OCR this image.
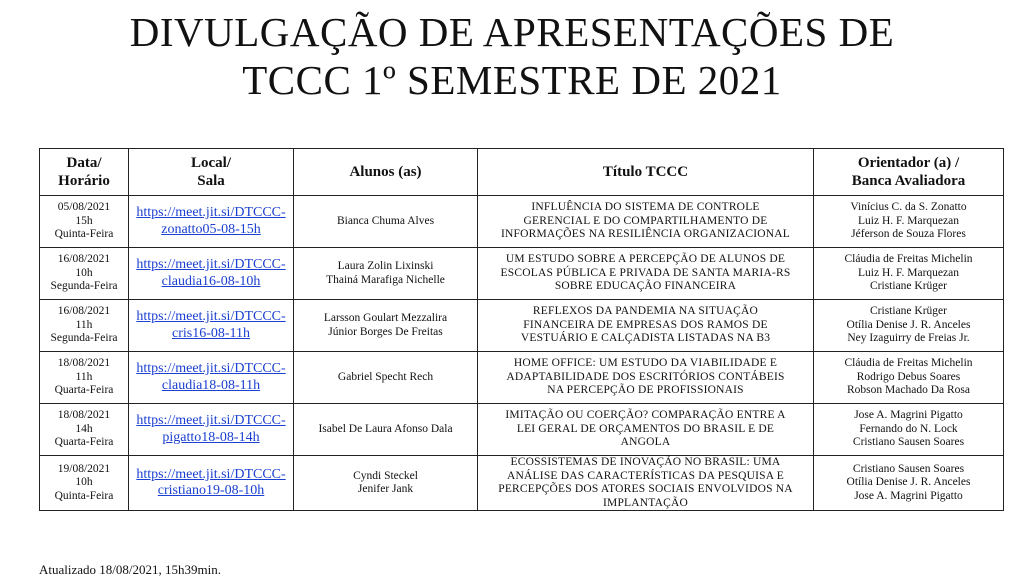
DIVULGAÇÃO DE APRESENTAÇÕES DE
TCCC 1º SEMESTRE DE 2021
Data/
Horário	Local/
Sala	Alunos (as)	Título TCCC	Orientador (a) /
Banca Avaliadora

05/08/2021
15h
Quinta-Feira	https://meet.jit.si/DTCCC-
zonatto05-08-15h	Bianca Chuma Alves	INFLUÊNCIA DO SISTEMA DE CONTROLE
GERENCIAL E DO COMPARTILHAMENTO DE
INFORMAÇÕES NA RESILIÊNCIA ORGANIZACIONAL	Vinícius C. da S. Zonatto
Luiz H. F. Marquezan
Jéferson de Souza Flores

16/08/2021
10h
Segunda-Feira	https://meet.jit.si/DTCCC-
claudia16-08-10h	Laura Zolin Lixinski
Thainá Marafiga Nichelle	UM ESTUDO SOBRE A PERCEPÇÃO DE ALUNOS DE
ESCOLAS PÚBLICA E PRIVADA DE SANTA MARIA-RS
SOBRE EDUCAÇÃO FINANCEIRA	Cláudia de Freitas Michelin
Luiz H. F. Marquezan
Cristiane Krüger

16/08/2021
11h
Segunda-Feira	https://meet.jit.si/DTCCC-
cris16-08-11h	Larsson Goulart Mezzalira
Júnior Borges De Freitas	REFLEXOS DA PANDEMIA NA SITUAÇÃO
FINANCEIRA DE EMPRESAS DOS RAMOS DE
VESTUÁRIO E CALÇADISTA LISTADAS NA B3	Cristiane Krüger
Otília Denise J. R. Anceles
Ney Izaguirry de Freias Jr.

18/08/2021
11h
Quarta-Feira	https://meet.jit.si/DTCCC-
claudia18-08-11h	Gabriel Specht Rech	HOME OFFICE: UM ESTUDO DA VIABILIDADE E
ADAPTABILIDADE DOS ESCRITÓRIOS CONTÁBEIS
NA PERCEPÇÃO DE PROFISSIONAIS	Cláudia de Freitas Michelin
Rodrigo Debus Soares
Robson Machado Da Rosa

18/08/2021
14h
Quarta-Feira	https://meet.jit.si/DTCCC-
pigatto18-08-14h	Isabel De Laura Afonso Dala	IMITAÇÃO OU COERÇÃO? COMPARAÇÃO ENTRE A
LEI GERAL DE ORÇAMENTOS DO BRASIL E DE
ANGOLA	Jose A. Magrini Pigatto
Fernando do N. Lock
Cristiano Sausen Soares

19/08/2021
10h
Quinta-Feira	https://meet.jit.si/DTCCC-
cristiano19-08-10h	Cyndi Steckel
Jenifer Jank	ECOSSISTEMAS DE INOVAÇÃO NO BRASIL: UMA
ANÁLISE DAS CARACTERÍSTICAS DA PESQUISA E
PERCEPÇÕES DOS ATORES SOCIAIS ENVOLVIDOS NA
IMPLANTAÇÃO	Cristiano Sausen Soares
Otília Denise J. R. Anceles
Jose A. Magrini Pigatto
Atualizado 18/08/2021, 15h39min.
